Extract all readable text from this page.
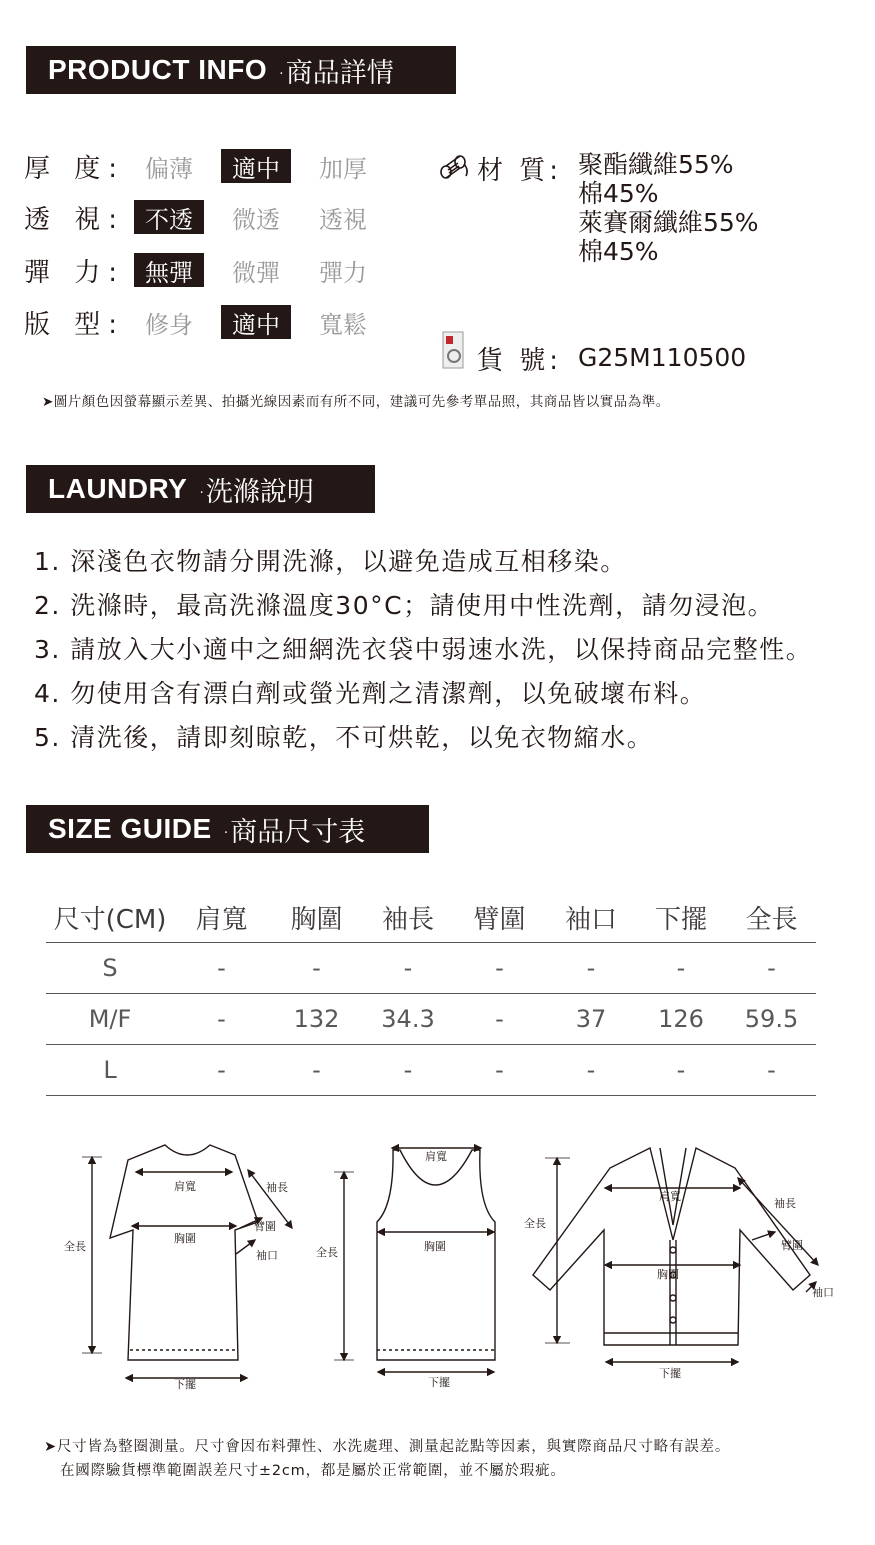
PRODUCT INFO ·商品詳情
厚 度: 偏薄	適中	加厚
透 視: 不透	微透	透視
彈 力: 無彈	微彈	彈力
版 型: 修身	適中	寬鬆
材 質: 聚酯纖維55%
棉45%
萊賽爾纖維55%
棉45%
貨 號: G25M110500
➤圖片顏色因螢幕顯示差異、拍攝光線因素而有所不同，建議可先參考單品照，其商品皆以實品為準。
LAUNDRY ·洗滌說明
1. 深淺色衣物請分開洗滌，以避免造成互相移染。
2. 洗滌時，最高洗滌溫度30°C；請使用中性洗劑，請勿浸泡。
3. 請放入大小適中之細網洗衣袋中弱速水洗，以保持商品完整性。
4. 勿使用含有漂白劑或螢光劑之清潔劑，以免破壞布料。
5. 清洗後，請即刻晾乾，不可烘乾，以免衣物縮水。
SIZE GUIDE ·商品尺寸表
尺寸(CM)	肩寬	胸圍	袖長	臂圍	袖口	下擺	全長
S	-	-	-	-	-	-	-
M/F	-	132	34.3	-	37	126	59.5
L	-	-	-	-	-	-	-
肩寬
胸圍
袖長
臂圍
袖口
全長
下擺
肩寬
胸圍
全長
下擺
肩寬
胸圍
袖長
臂圍
袖口
全長
下擺
➤尺寸皆為整圈測量。尺寸會因布料彈性、水洗處理、測量起訖點等因素，與實際商品尺寸略有誤差。
在國際驗貨標準範圍誤差尺寸±2cm，都是屬於正常範圍，並不屬於瑕疵。
